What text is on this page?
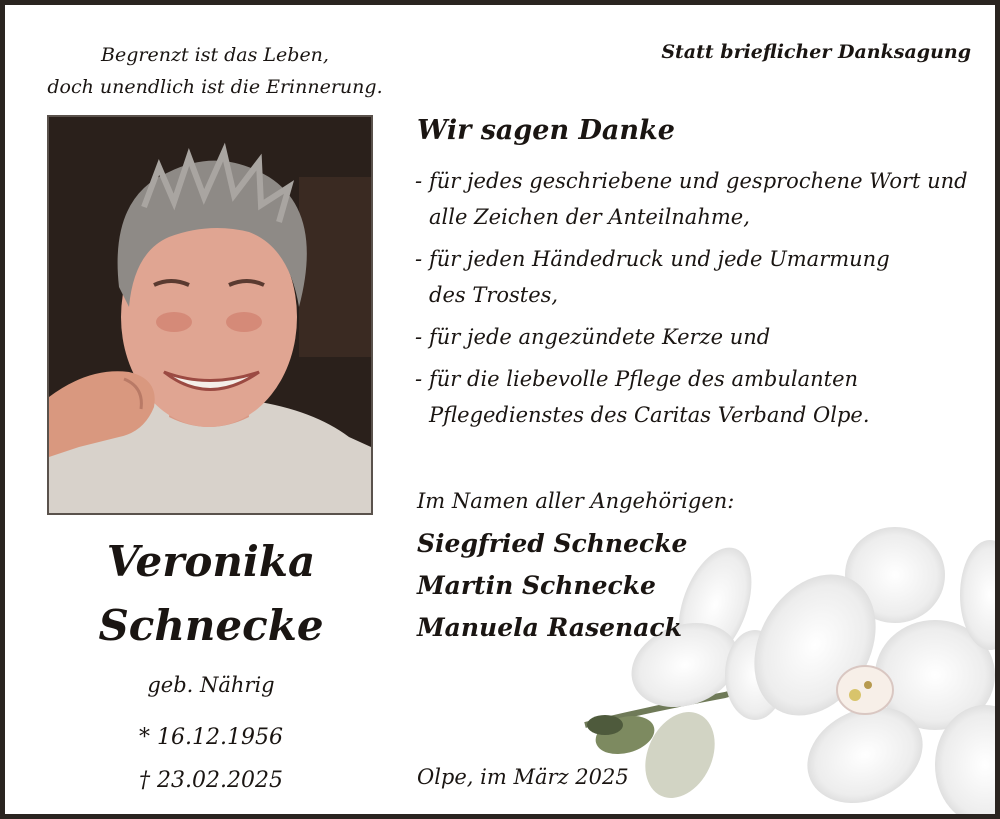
Begrenzt ist das Leben,
doch unendlich ist die Erinnerung.
Statt brieflicher Danksagung
Veronika
Schnecke
geb. Nährig
* 16.12.1956
† 23.02.2025
Wir sagen Danke
- für jedes geschriebene und gesprochene Wort und
alle Zeichen der Anteilnahme,
- für jeden Händedruck und jede Umarmung
des Trostes,
- für jede angezündete Kerze und
- für die liebevolle Pflege des ambulanten
Pflegedienstes des Caritas Verband Olpe.
Im Namen aller Angehörigen:
Siegfried Schnecke
Martin Schnecke
Manuela Rasenack
Olpe, im März 2025
